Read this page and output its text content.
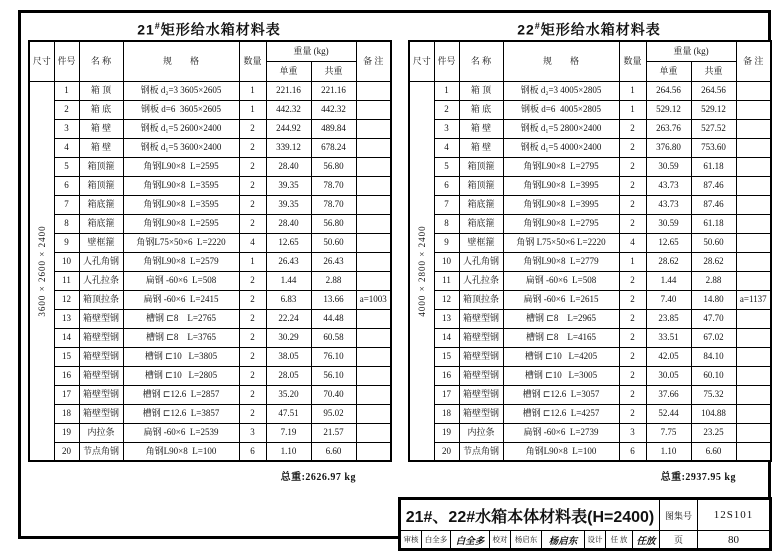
21#矩形给水箱材料表
尺寸	件号	名 称	规　　格	数量	重量 (kg)		备 注
					单重	共重	

3600 × 2600 × 2400	1	箱 顶	钢板 d₂=3 3605×2605	1	221.16	221.16	
	2	箱 底	钢板 d=6  3605×2605	1	442.32	442.32	
	3	箱 壁	钢板 d₁=5 2600×2400	2	244.92	489.84	
	4	箱 壁	钢板 d₁=5 3600×2400	2	339.12	678.24	
	5	箱顶箍	角钢L90×8  L=2595	2	28.40	56.80	
	6	箱顶箍	角钢L90×8  L=3595	2	39.35	78.70	
	7	箱底箍	角钢L90×8  L=3595	2	39.35	78.70	
	8	箱底箍	角钢L90×8  L=2595	2	28.40	56.80	
	9	壁框箍	角钢L75×50×6  L=2220	4	12.65	50.60	
	10	人孔角钢	角钢L90×8  L=2579	1	26.43	26.43	
	11	人孔拉条	扁钢 -60×6  L=508	2	1.44	2.88	
	12	箱顶拉条	扁钢 -60×6  L=2415	2	6.83	13.66	a=1003
	13	箱壁型钢	槽钢 ⊏8    L=2765	2	22.24	44.48	
	14	箱壁型钢	槽钢 ⊏8    L=3765	2	30.29	60.58	
	15	箱壁型钢	槽钢 ⊏10   L=3805	2	38.05	76.10	
	16	箱壁型钢	槽钢 ⊏10   L=2805	2	28.05	56.10	
	17	箱壁型钢	槽钢 ⊏12.6  L=2857	2	35.20	70.40	
	18	箱壁型钢	槽钢 ⊏12.6  L=3857	2	47.51	95.02	
	19	内拉条	扁钢 -60×6  L=2539	3	7.19	21.57	
	20	节点角钢	角钢L90×8  L=100	6	1.10	6.60	
总重:2626.97 kg
22#矩形给水箱材料表
尺寸	件号	名 称	规　　格	数量	重量 (kg)		备 注
					单重	共重	

4000 × 2800 × 2400	1	箱 顶	钢板 d₂=3 4005×2805	1	264.56	264.56	
	2	箱 底	钢板 d=6  4005×2805	1	529.12	529.12	
	3	箱 壁	钢板 d₁=5 2800×2400	2	263.76	527.52	
	4	箱 壁	钢板 d₁=5 4000×2400	2	376.80	753.60	
	5	箱顶箍	角钢L90×8  L=2795	2	30.59	61.18	
	6	箱顶箍	角钢L90×8  L=3995	2	43.73	87.46	
	7	箱底箍	角钢L90×8  L=3995	2	43.73	87.46	
	8	箱底箍	角钢L90×8  L=2795	2	30.59	61.18	
	9	壁框箍	角钢 L75×50×6 L=2220	4	12.65	50.60	
	10	人孔角钢	角钢L90×8  L=2779	1	28.62	28.62	
	11	人孔拉条	扁钢 -60×6  L=508	2	1.44	2.88	
	12	箱顶拉条	扁钢 -60×6  L=2615	2	7.40	14.80	a=1137
	13	箱壁型钢	槽钢 ⊏8    L=2965	2	23.85	47.70	
	14	箱壁型钢	槽钢 ⊏8    L=4165	2	33.51	67.02	
	15	箱壁型钢	槽钢 ⊏10   L=4205	2	42.05	84.10	
	16	箱壁型钢	槽钢 ⊏10   L=3005	2	30.05	60.10	
	17	箱壁型钢	槽钢 ⊏12.6  L=3057	2	37.66	75.32	
	18	箱壁型钢	槽钢 ⊏12.6  L=4257	2	52.44	104.88	
	19	内拉条	扁钢 -60×6  L=2739	3	7.75	23.25	
	20	节点角钢	角钢L90×8  L=100	6	1.10	6.60	
总重:2937.95 kg
21#、22#水箱本体材料表(H=2400)	图集号	12S101
审核 白全多 白全多	校对 杨启东	杨启东	设计	任 放 任放	页	80
